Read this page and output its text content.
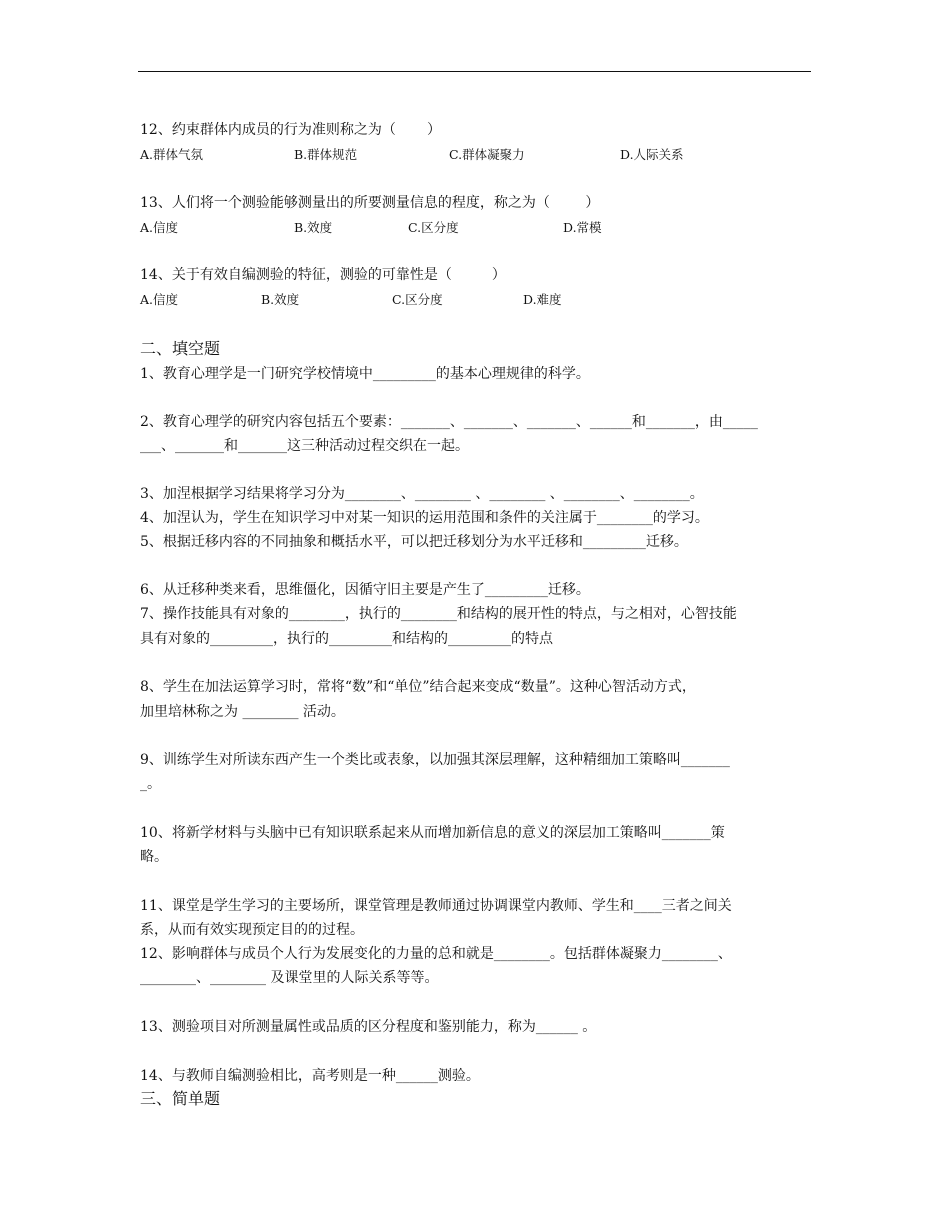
12、约束群体内成员的行为准则称之为（       ）
A.群体气氛	B.群体规范	C.群体凝聚力	D.人际关系
13、人们将一个测验能够测量出的所要测量信息的程度，称之为（        ）
A.信度	B.效度	C.区分度	D.常模
14、关于有效自编测验的特征，测验的可靠性是（         ）
A.信度	B.效度	C.区分度	D.难度
二、填空题
1、教育心理学是一门研究学校情境中_________的基本心理规律的科学。
2、教育心理学的研究内容包括五个要素：_______、_______、_______、______和_______，由_____
___、_______和_______这三种活动过程交织在一起。
3、加涅根据学习结果将学习分为________、________ 、________ 、________、________。
4、加涅认为，学生在知识学习中对某一知识的运用范围和条件的关注属于________的学习。
5、根据迁移内容的不同抽象和概括水平，可以把迁移划分为水平迁移和_________迁移。
6、从迁移种类来看，思维僵化，因循守旧主要是产生了_________迁移。
7、操作技能具有对象的________，执行的________和结构的展开性的特点，与之相对，心智技能
具有对象的_________，执行的_________和结构的_________的特点
8、学生在加法运算学习时，常将“数”和“单位”结合起来变成“数量”。这种心智活动方式，
加里培林称之为 ________ 活动。
9、训练学生对所读东西产生一个类比或表象，以加强其深层理解，这种精细加工策略叫_______
_。
10、将新学材料与头脑中已有知识联系起来从而增加新信息的意义的深层加工策略叫_______策
略。
11、课堂是学生学习的主要场所，课堂管理是教师通过协调课堂内教师、学生和____三者之间关
系，从而有效实现预定目的的过程。
12、影响群体与成员个人行为发展变化的力量的总和就是________。包括群体凝聚力________、
________、________ 及课堂里的人际关系等等。
13、测验项目对所测量属性或品质的区分程度和鉴别能力，称为______ 。
14、与教师自编测验相比，高考则是一种______测验。
三、简单题
